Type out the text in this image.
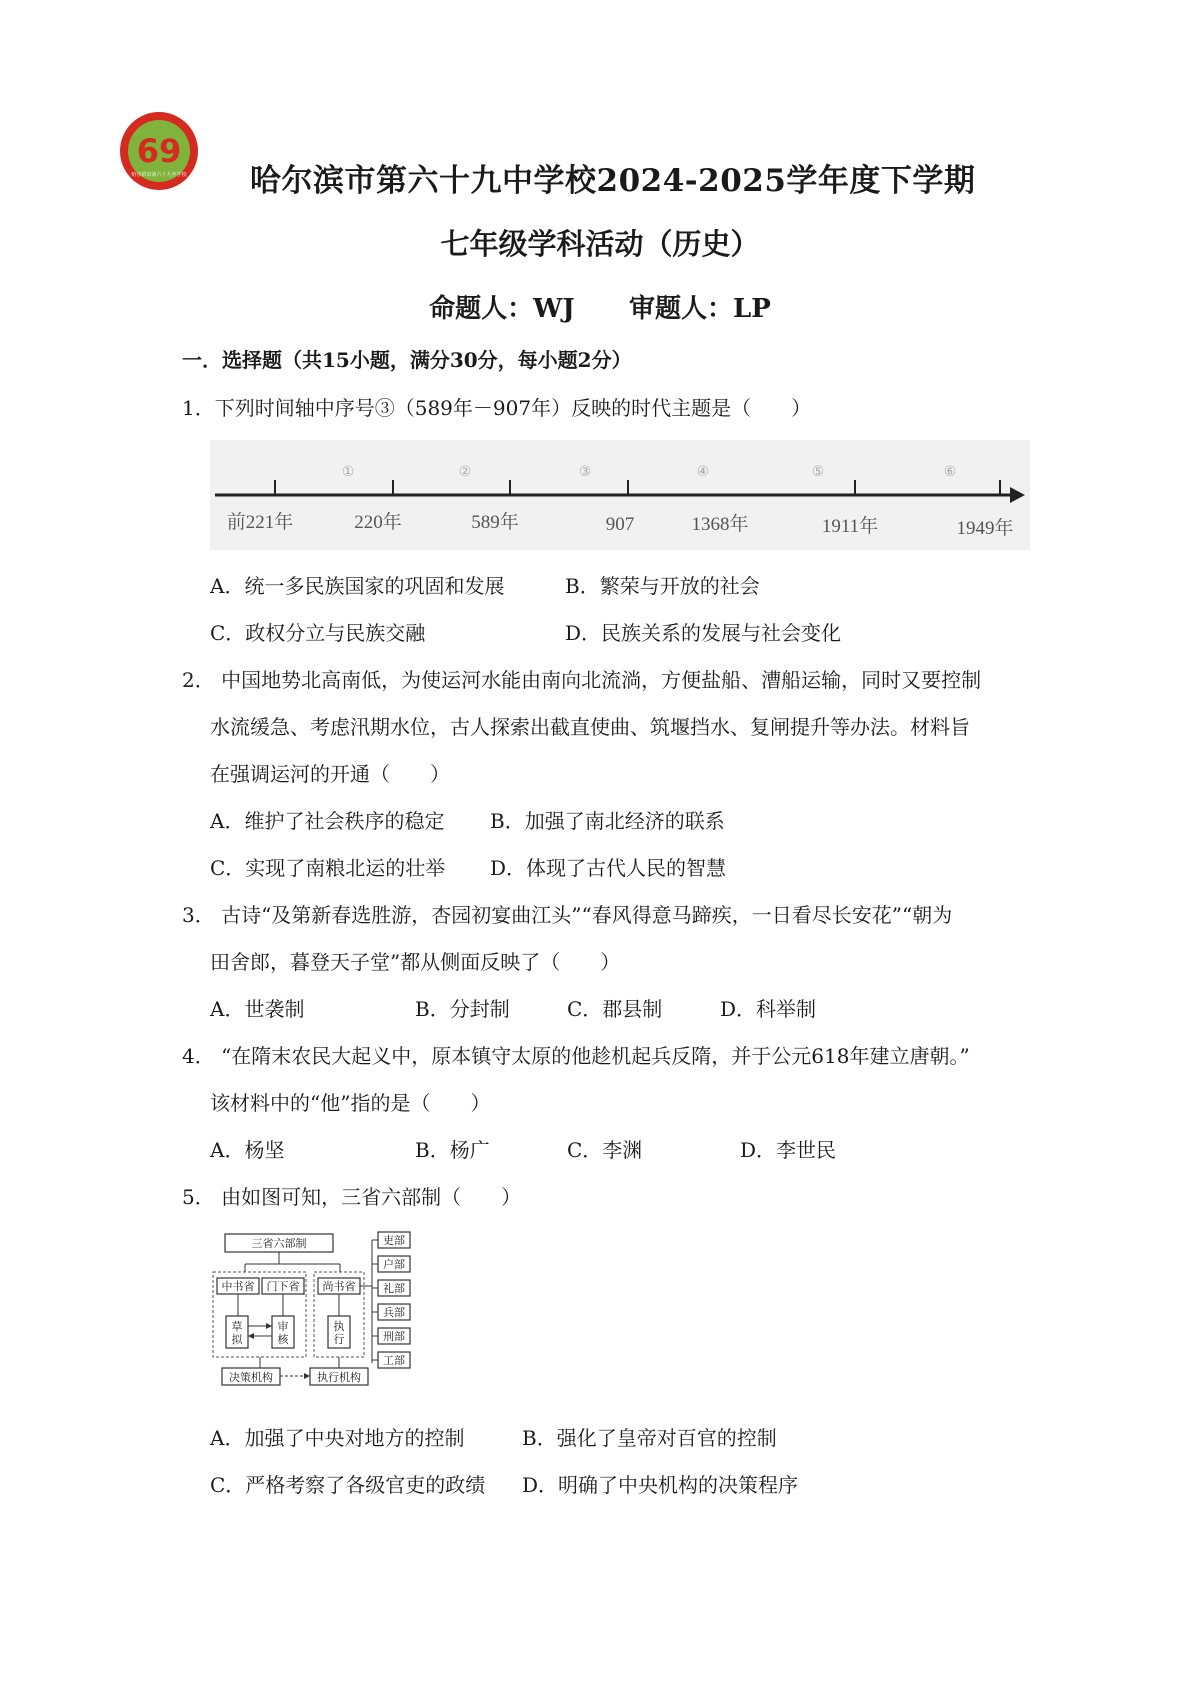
69
哈尔滨市第六十九中学校 哈尔滨市第六十九中学校2024-2025学年度下学期
七年级学科活动（历史）
命题人：WJ 审题人：LP
一．选择题（共15小题，满分30分，每小题2分）
1．下列时间轴中序号③（589年－907年）反映的时代主题是（　　）
①	②	③	④	⑤	⑥
前221年	220年	589年	907	1368年	1911年	1949年
A．统一多民族国家的巩固和发展	B．繁荣与开放的社会
C．政权分立与民族交融	D．民族关系的发展与社会变化
2． 中国地势北高南低，为使运河水能由南向北流淌，方便盐船、漕船运输，同时又要控制
水流缓急、考虑汛期水位，古人探索出截直使曲、筑堰挡水、复闸提升等办法。材料旨
在强调运河的开通（　　）
A．维护了社会秩序的稳定 B．加强了南北经济的联系
C．实现了南粮北运的壮举 D．体现了古代人民的智慧
3． 古诗“及第新春选胜游，杏园初宴曲江头”“春风得意马蹄疾，一日看尽长安花”“朝为
田舍郎，暮登天子堂”都从侧面反映了（　　）
A．世袭制	B．分封制	C．郡县制	D．科举制
4． “在隋末农民大起义中，原本镇守太原的他趁机起兵反隋，并于公元618年建立唐朝。”
该材料中的“他”指的是（　　）
A．杨坚	B．杨广	C．李渊	D．李世民
5． 由如图可知，三省六部制（　　）
三省六部制
中书省 门下省 尚书省
草拟
审核
执行
决策机构	执行机构
吏部
户部
礼部
兵部
刑部
工部
A．加强了中央对地方的控制	B．强化了皇帝对百官的控制
C．严格考察了各级官吏的政绩 D．明确了中央机构的决策程序
